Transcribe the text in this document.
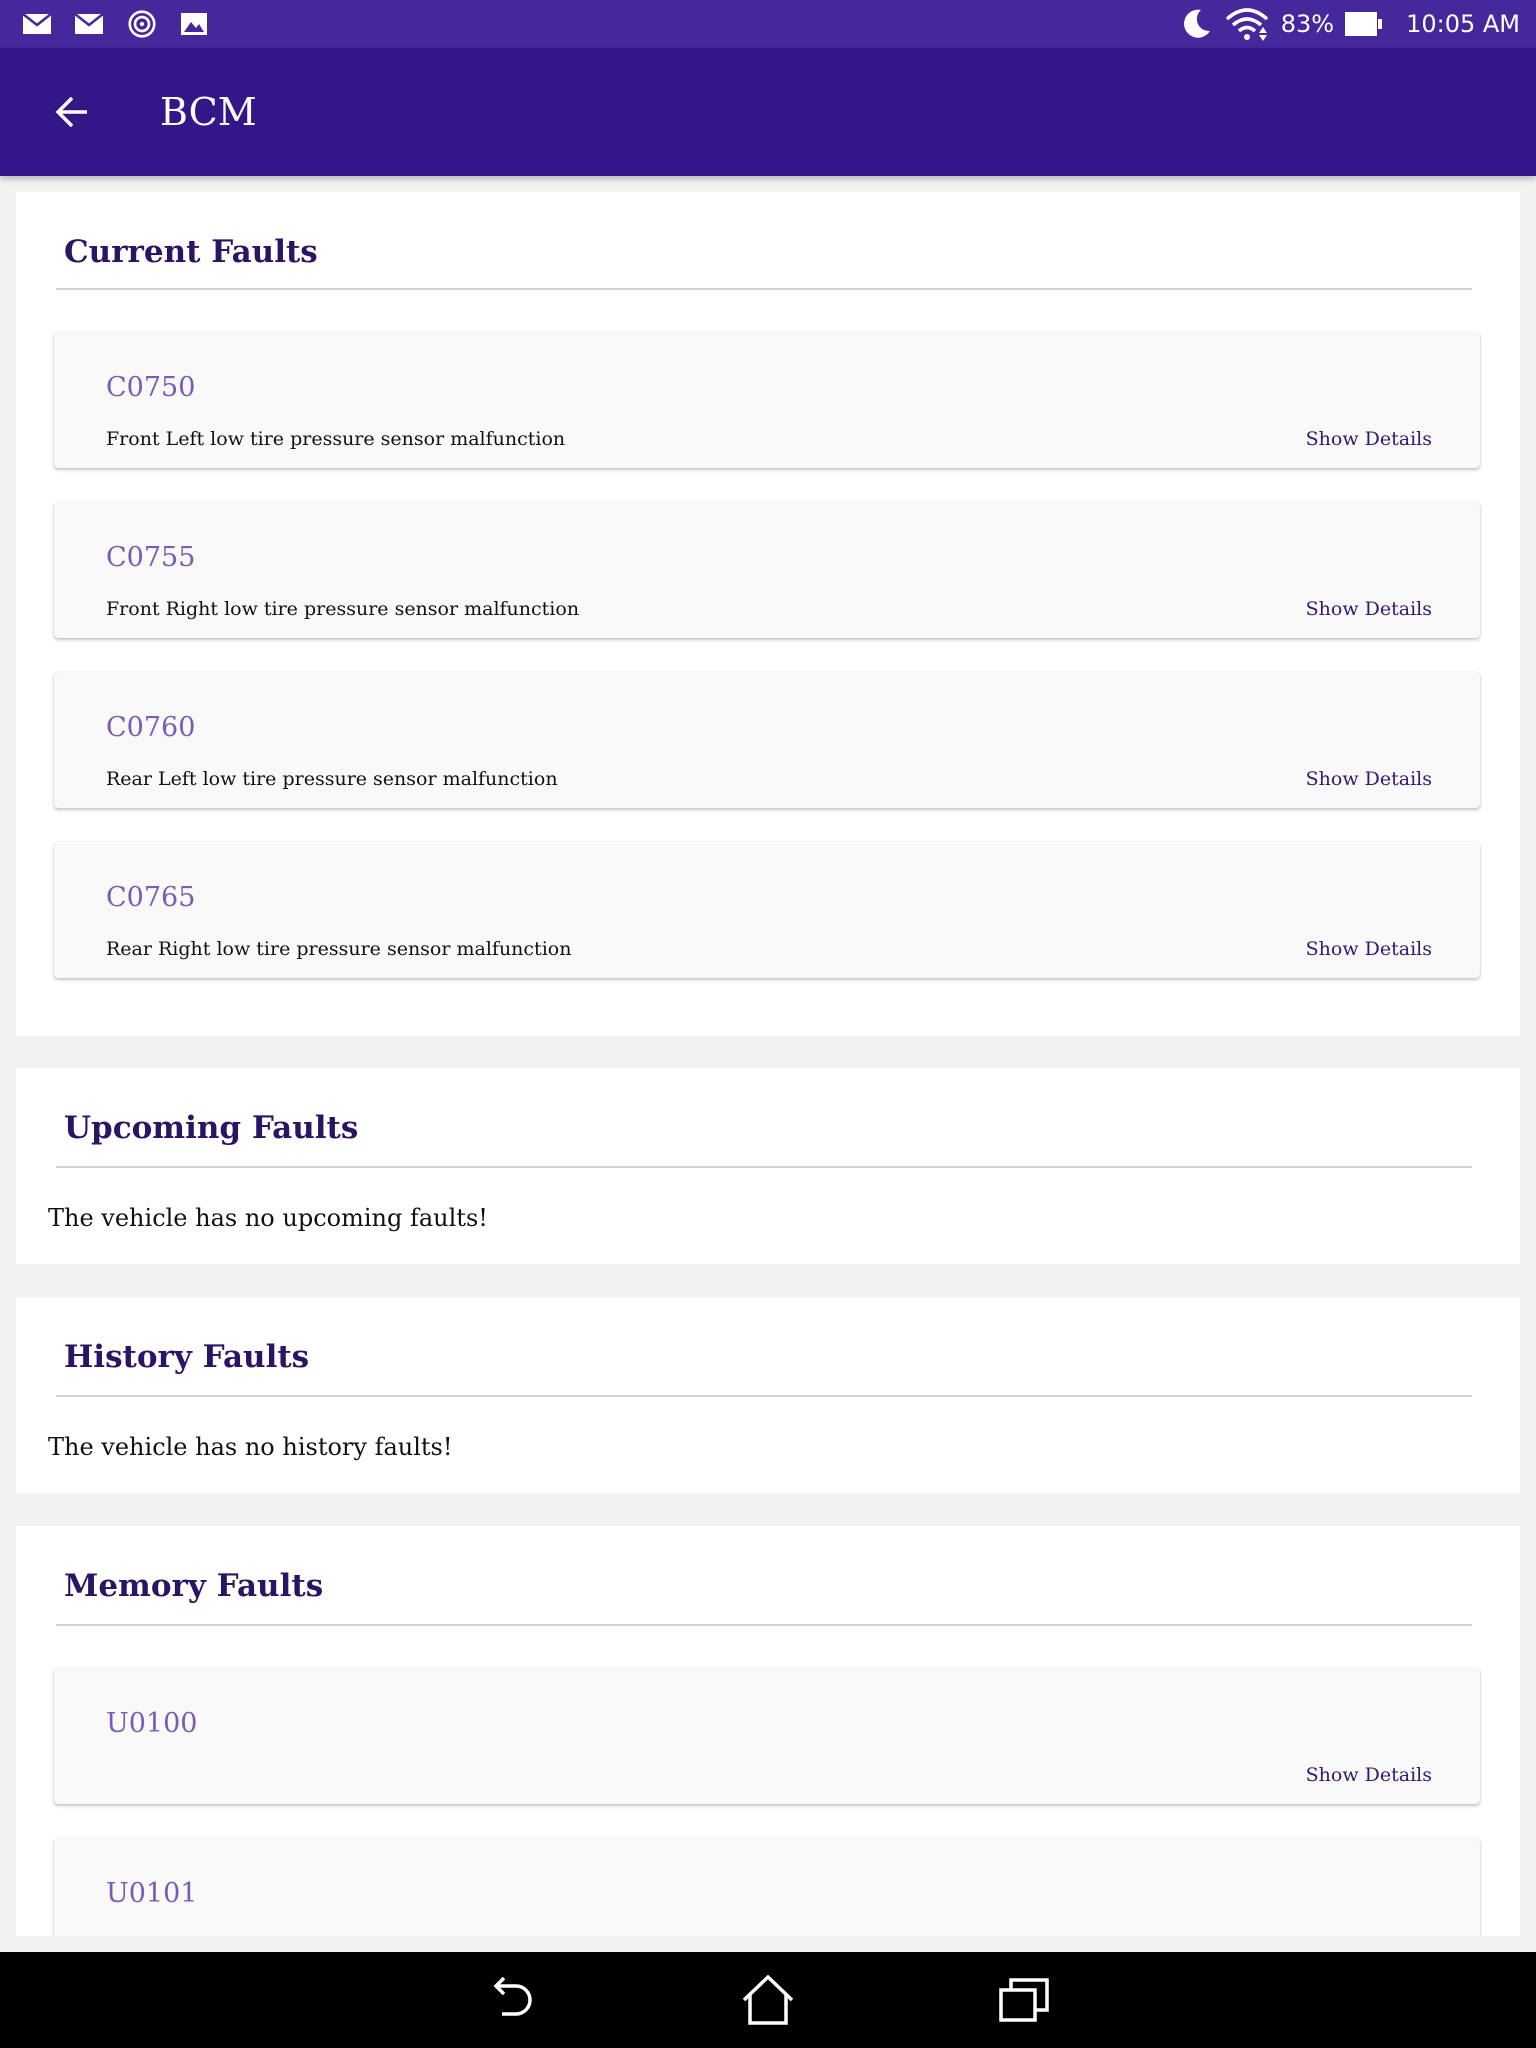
83%	10:05 AM
BCM
Current Faults
C0750
Front Left low tire pressure sensor malfunction	Show Details
C0755
Front Right low tire pressure sensor malfunction	Show Details
C0760
Rear Left low tire pressure sensor malfunction	Show Details
C0765
Rear Right low tire pressure sensor malfunction	Show Details
Upcoming Faults
The vehicle has no upcoming faults!
History Faults
The vehicle has no history faults!
Memory Faults
U0100
Show Details
U0101
